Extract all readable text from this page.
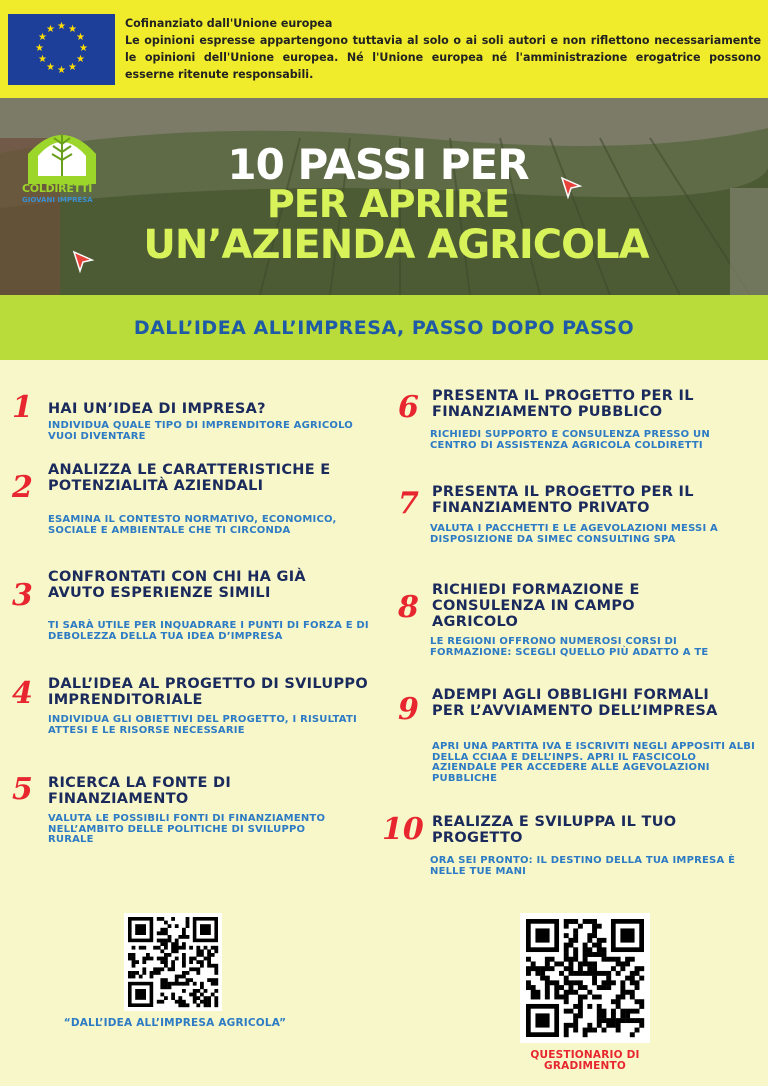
★ ★
★
★
★
★
★
★
★
★
★
★	Cofinanziato dall'Unione europea
Le opinioni espresse appartengono tuttavia al solo o ai soli autori e non riflettono necessariamente le opinioni dell'Unione europea. Né l'Unione europea né l'amministrazione erogatrice possono esserne ritenute responsabili.
COLDIRETTI
GIOVANI IMPRESA
10 PASSI PER
PER APRIRE
UN’AZIENDA AGRICOLA
DALL’IDEA ALL’IMPRESA, PASSO DOPO PASSO
1 HAI UN’IDEA DI IMPRESA?
INDIVIDUA QUALE TIPO DI IMPRENDITORE AGRICOLO VUOI DIVENTARE
2 ANALIZZA LE CARATTERISTICHE E POTENZIALITÀ AZIENDALI
ESAMINA IL CONTESTO NORMATIVO, ECONOMICO, SOCIALE E AMBIENTALE CHE TI CIRCONDA
3
CONFRONTATI CON CHI HA GIÀ AVUTO ESPERIENZE SIMILI
TI SARÀ UTILE PER INQUADRARE I PUNTI DI FORZA E DI DEBOLEZZA DELLA TUA IDEA D’IMPRESA
4 DALL’IDEA AL PROGETTO DI SVILUPPO IMPRENDITORIALE
INDIVIDUA GLI OBIETTIVI DEL PROGETTO, I RISULTATI ATTESI E LE RISORSE NECESSARIE
5 RICERCA LA FONTE DI FINANZIAMENTO
VALUTA LE POSSIBILI FONTI DI FINANZIAMENTO NELL’AMBITO DELLE POLITICHE DI SVILUPPO RURALE
6 PRESENTA IL PROGETTO PER IL FINANZIAMENTO PUBBLICO
RICHIEDI SUPPORTO E CONSULENZA PRESSO UN CENTRO DI ASSISTENZA AGRICOLA COLDIRETTI
7 PRESENTA IL PROGETTO PER IL FINANZIAMENTO PRIVATO
VALUTA I PACCHETTI E LE AGEVOLAZIONI MESSI A DISPOSIZIONE DA SIMEC CONSULTING SPA
8 RICHIEDI FORMAZIONE E CONSULENZA IN CAMPO AGRICOLO
LE REGIONI OFFRONO NUMEROSI CORSI DI FORMAZIONE: SCEGLI QUELLO PIÙ ADATTO A TE
9 ADEMPI AGLI OBBLIGHI FORMALI PER L’AVVIAMENTO DELL’IMPRESA
APRI UNA PARTITA IVA E ISCRIVITI NEGLI APPOSITI ALBI DELLA CCIAA E DELL’INPS. APRI IL FASCICOLO AZIENDALE PER ACCEDERE ALLE AGEVOLAZIONI PUBBLICHE
10 REALIZZA E SVILUPPA IL TUO PROGETTO
ORA SEI PRONTO: IL DESTINO DELLA TUA IMPRESA È NELLE TUE MANI
“DALL’IDEA ALL’IMPRESA AGRICOLA”
QUESTIONARIO DI GRADIMENTO
